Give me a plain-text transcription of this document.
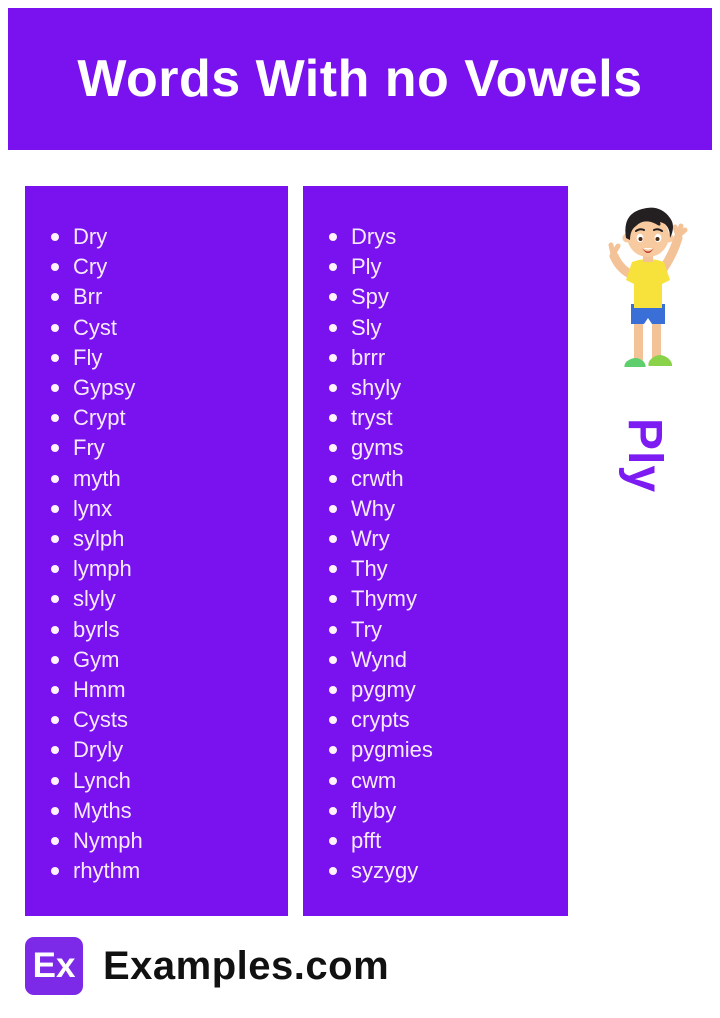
Words With no Vowels
Dry
Cry
Brr
Cyst
Fly
Gypsy
Crypt
Fry
myth
lynx
sylph
lymph
slyly
byrls
Gym
Hmm
Cysts
Dryly
Lynch
Myths
Nymph
rhythm
Drys
Ply
Spy
Sly
brrr
shyly
tryst
gyms
crwth
Why
Wry
Thy
Thymy
Try
Wynd
pygmy
crypts
pygmies
cwm
flyby
pfft
syzygy
Ply
Ex Examples.com
